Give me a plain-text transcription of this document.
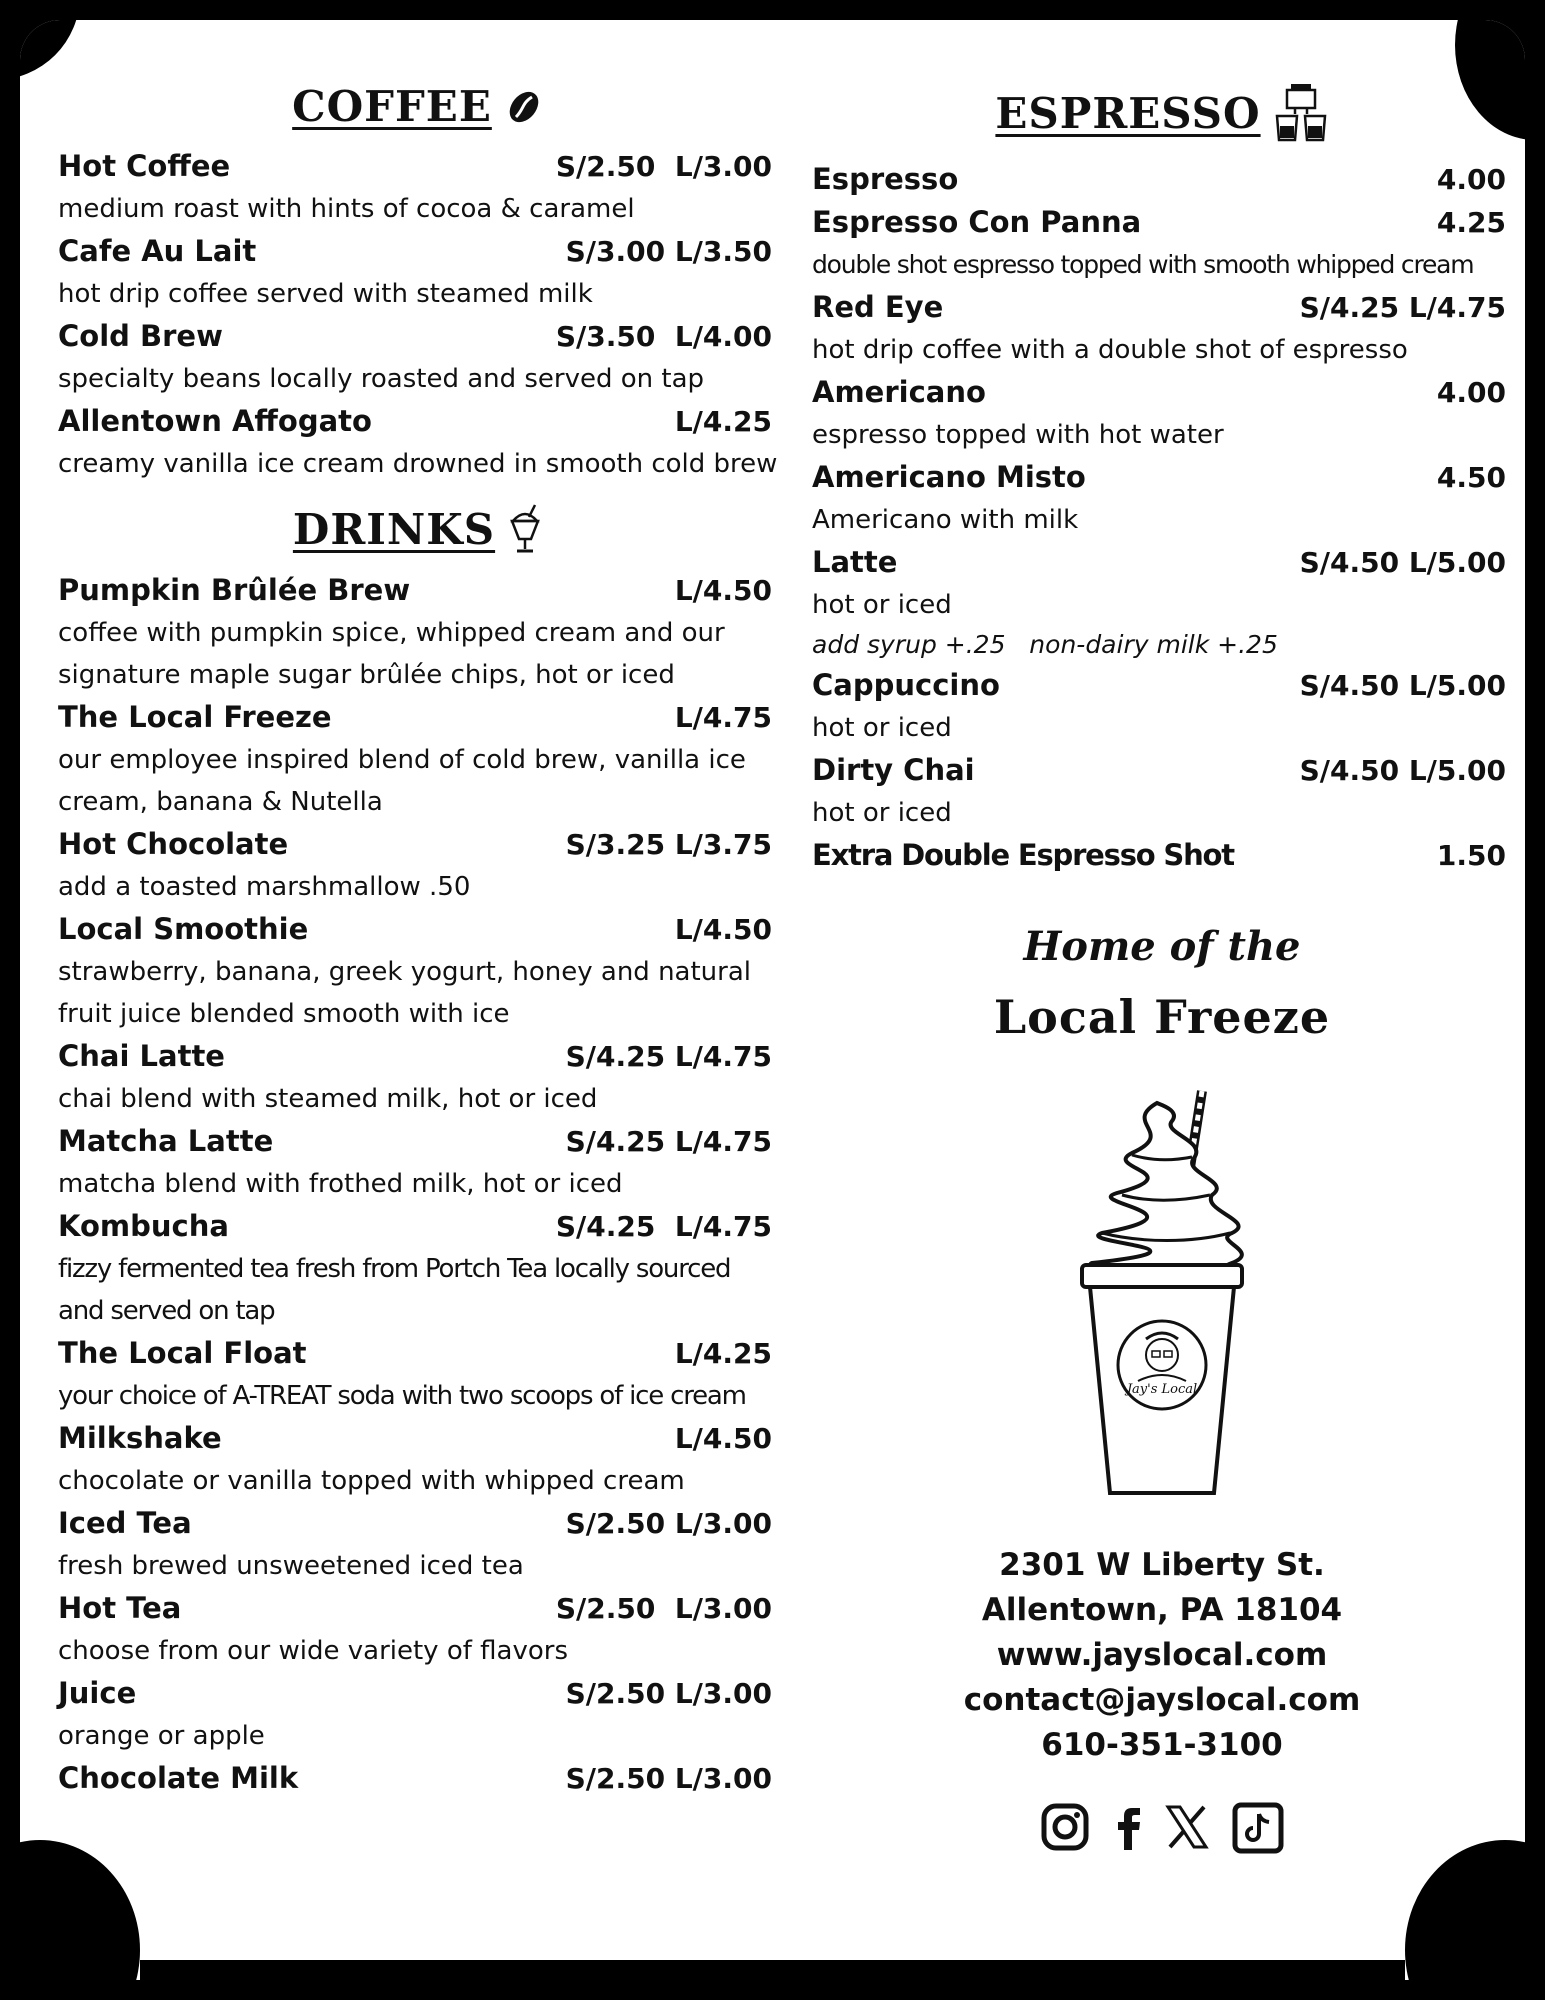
COFFEE
Hot Coffee	S/2.50  L/3.00
medium roast with hints of cocoa & caramel
Cafe Au Lait	S/3.00 L/3.50
hot drip coffee served with steamed milk
Cold Brew	S/3.50  L/4.00
specialty beans locally roasted and served on tap
Allentown Affogato	L/4.25
creamy vanilla ice cream drowned in smooth cold brew
DRINKS
Pumpkin Brûlée Brew	L/4.50
coffee with pumpkin spice, whipped cream and our signature maple sugar brûlée chips, hot or iced
The Local Freeze	L/4.75
our employee inspired blend of cold brew, vanilla ice cream, banana & Nutella
Hot Chocolate	S/3.25 L/3.75
add a toasted marshmallow .50
Local Smoothie	L/4.50
strawberry, banana, greek yogurt, honey and natural fruit juice blended smooth with ice
Chai Latte	S/4.25 L/4.75
chai blend with steamed milk, hot or iced
Matcha Latte	S/4.25 L/4.75
matcha blend with frothed milk, hot or iced
Kombucha	S/4.25  L/4.75
fizzy fermented tea fresh from Portch Tea locally sourced and served on tap
The Local Float	L/4.25
your choice of A-TREAT soda with two scoops of ice cream
Milkshake	L/4.50
chocolate or vanilla topped with whipped cream
Iced Tea	S/2.50 L/3.00
fresh brewed unsweetened iced tea
Hot Tea	S/2.50  L/3.00
choose from our wide variety of flavors
Juice	S/2.50 L/3.00
orange or apple
Chocolate Milk	S/2.50 L/3.00
ESPRESSO
Espresso	4.00
Espresso Con Panna	4.25
double shot espresso topped with smooth whipped cream
Red Eye	S/4.25 L/4.75
hot drip coffee with a double shot of espresso
Americano	4.00
espresso topped with hot water
Americano Misto	4.50
Americano with milk
Latte	S/4.50 L/5.00
hot or iced
add syrup +.25   non-dairy milk +.25
Cappuccino	S/4.50 L/5.00
hot or iced
Dirty Chai	S/4.50 L/5.00
hot or iced
Extra Double Espresso Shot	1.50
Home of the
Local Freeze
Jay's Local
2301 W Liberty St.
Allentown, PA 18104
www.jayslocal.com
contact@jayslocal.com
610-351-3100
